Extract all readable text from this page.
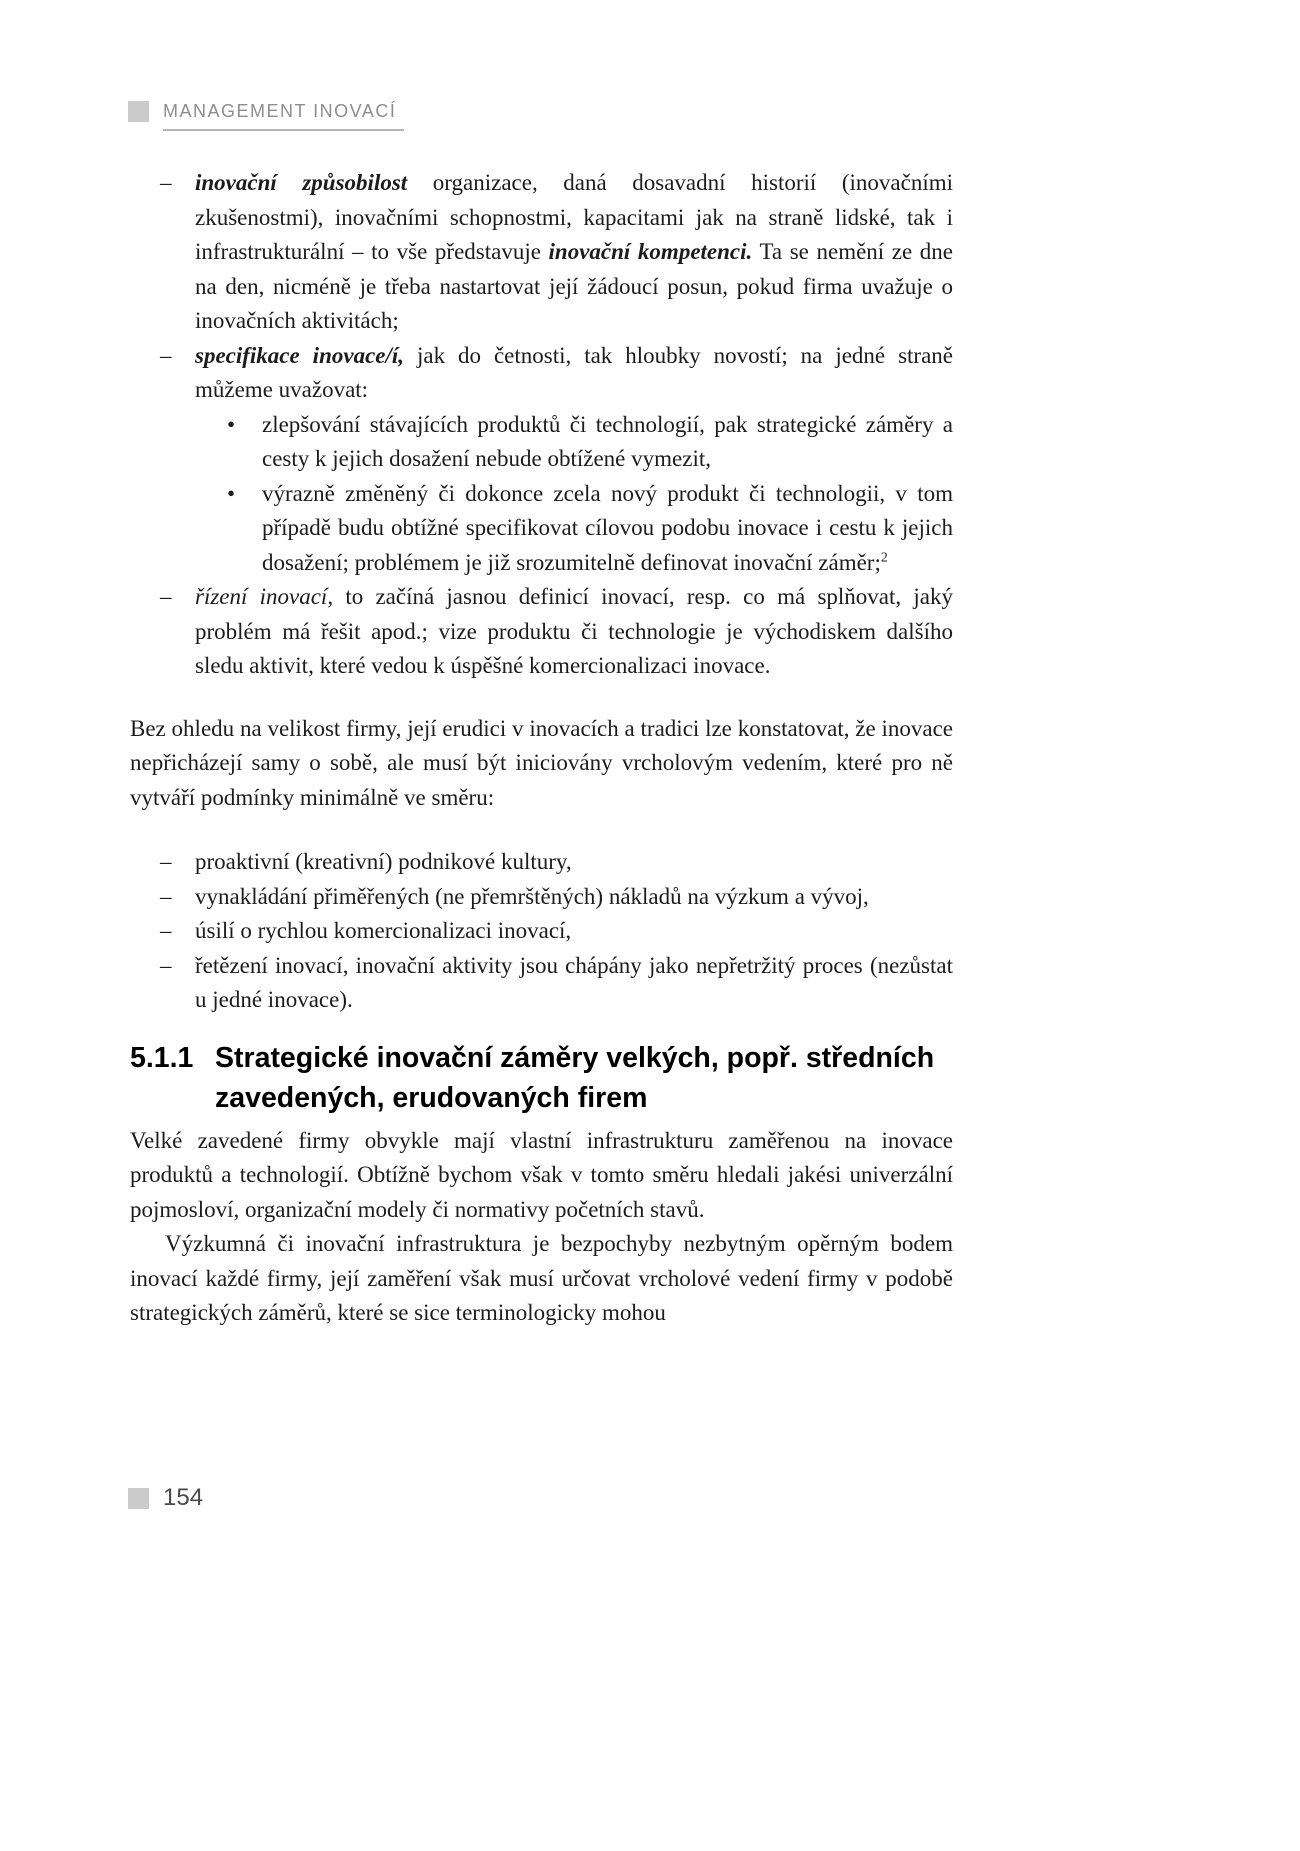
MANAGEMENT INOVACÍ
– inovační způsobilost organizace, daná dosavadní historií (inovačními zkušenostmi), inovačními schopnostmi, kapacitami jak na straně lidské, tak i infrastrukturální – to vše představuje inovační kompetenci. Ta se nemění ze dne na den, nicméně je třeba nastartovat její žádoucí posun, pokud firma uvažuje o inovačních aktivitách;
– specifikace inovace/í, jak do četnosti, tak hloubky novostí; na jedné straně můžeme uvažovat:
• zlepšování stávajících produktů či technologií, pak strategické záměry a cesty k jejich dosažení nebude obtížené vymezit,
• výrazně změněný či dokonce zcela nový produkt či technologii, v tom případě budu obtížné specifikovat cílovou podobu inovace i cestu k jejich dosažení; problémem je již srozumitelně definovat inovační záměr;$^2$
– řízení inovací, to začíná jasnou definicí inovací, resp. co má splňovat, jaký problém má řešit apod.; vize produktu či technologie je východiskem dalšího sledu aktivit, které vedou k úspěšné komercionalizaci inovace.
Bez ohledu na velikost firmy, její erudici v inovacích a tradici lze konstatovat, že inovace nepřicházejí samy o sobě, ale musí být iniciovány vrcholovým vedením, které pro ně vytváří podmínky minimálně ve směru:
– proaktivní (kreativní) podnikové kultury,
– vynakládání přiměřených (ne přemrštěných) nákladů na výzkum a vývoj,
– úsilí o rychlou komercionalizaci inovací,
– řetězení inovací, inovační aktivity jsou chápány jako nepřetržitý proces (nezůstat u jedné inovace).
5.1.1 Strategické inovační záměry velkých, popř. středních zavedených, erudovaných firem
Velké zavedené firmy obvykle mají vlastní infrastrukturu zaměřenou na inovace produktů a technologií. Obtížně bychom však v tomto směru hledali jakési univerzální pojmosloví, organizační modely či normativy početních stavů.
Výzkumná či inovační infrastruktura je bezpochyby nezbytným opěrným bodem inovací každé firmy, její zaměření však musí určovat vrcholové vedení firmy v podobě strategických záměrů, které se sice terminologicky mohou
154
